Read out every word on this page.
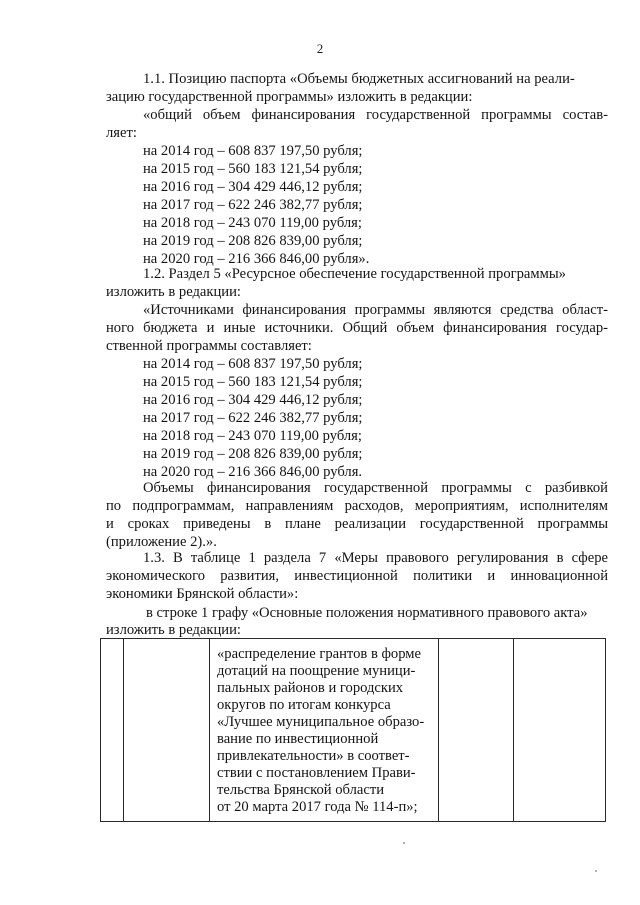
2
1.1. Позицию паспорта «Объемы бюджетных ассигнований на реали-
зацию государственной программы» изложить в редакции:
«общий объем финансирования государственной программы состав-
ляет:
на 2014 год – 608 837 197,50 рубля;
на 2015 год – 560 183 121,54 рубля;
на 2016 год – 304 429 446,12 рубля;
на 2017 год – 622 246 382,77 рубля;
на 2018 год – 243 070 119,00 рубля;
на 2019 год – 208 826 839,00 рубля;
на 2020 год – 216 366 846,00 рубля».
1.2. Раздел 5 «Ресурсное обеспечение государственной программы»
изложить в редакции:
«Источниками финансирования программы являются средства област-
ного бюджета и иные источники. Общий объем финансирования государ-
ственной программы составляет:
на 2014 год – 608 837 197,50 рубля;
на 2015 год – 560 183 121,54 рубля;
на 2016 год – 304 429 446,12 рубля;
на 2017 год – 622 246 382,77 рубля;
на 2018 год – 243 070 119,00 рубля;
на 2019 год – 208 826 839,00 рубля;
на 2020 год – 216 366 846,00 рубля.
Объемы финансирования государственной программы с разбивкой
по подпрограммам, направлениям расходов, мероприятиям, исполнителям
и сроках приведены в плане реализации государственной программы
(приложение 2).».
1.3. В таблице 1 раздела 7 «Меры правового регулирования в сфере
экономического развития, инвестиционной политики и инновационной
экономики Брянской области»:
в строке 1 графу «Основные положения нормативного правового акта»
изложить в редакции:
«распределение грантов в форме
дотаций на поощрение муници-
пальных районов и городских
округов по итогам конкурса
«Лучшее муниципальное образо-
вание по инвестиционной
привлекательности» в соответ-
ствии с постановлением Прави-
тельства Брянской области
от 20 марта 2017 года № 114-п»;
